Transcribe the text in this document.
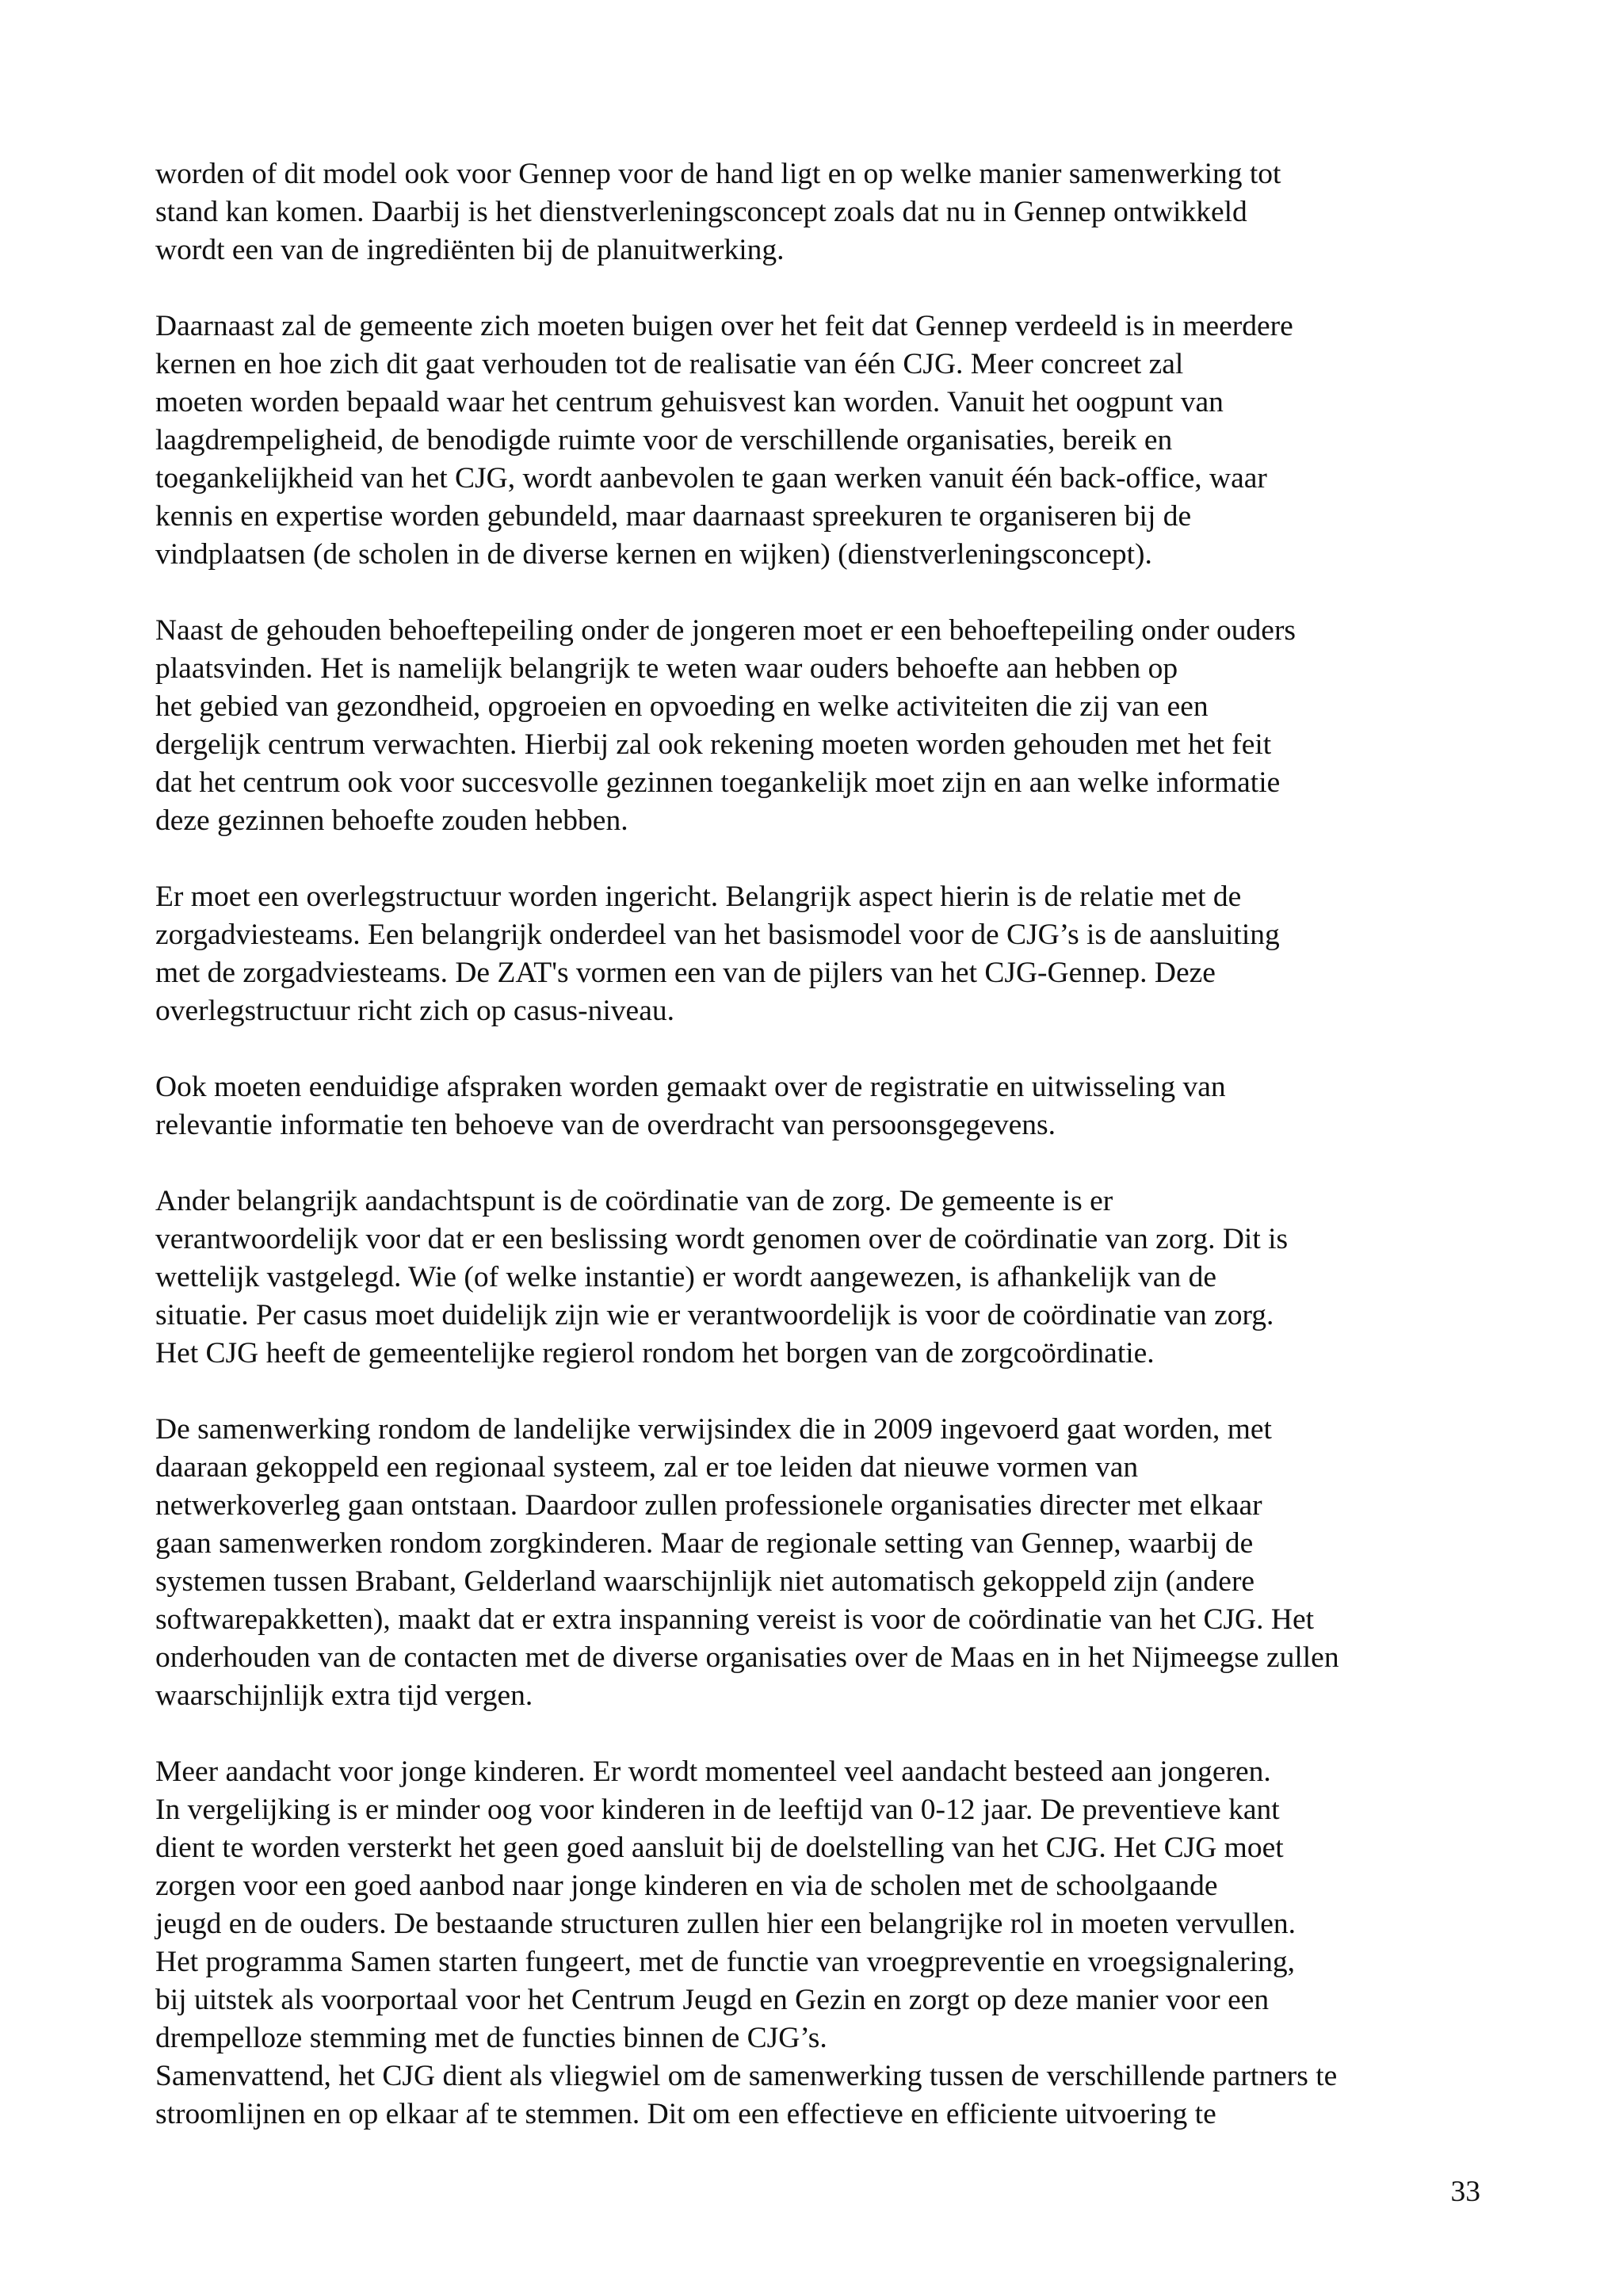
worden of dit model ook voor Gennep voor de hand ligt en op welke manier samenwerking tot
stand kan komen. Daarbij is het dienstverleningsconcept zoals dat nu in Gennep ontwikkeld
wordt een van de ingrediënten bij de planuitwerking.
Daarnaast zal de gemeente zich moeten buigen over het feit dat Gennep verdeeld is in meerdere
kernen en hoe zich dit gaat verhouden tot de realisatie van één CJG. Meer concreet zal
moeten worden bepaald waar het centrum gehuisvest kan worden. Vanuit het oogpunt van
laagdrempeligheid, de benodigde ruimte voor de verschillende organisaties, bereik en
toegankelijkheid van het CJG, wordt aanbevolen te gaan werken vanuit één back-office, waar
kennis en expertise worden gebundeld, maar daarnaast spreekuren te organiseren bij de
vindplaatsen (de scholen in de diverse kernen en wijken) (dienstverleningsconcept).
Naast de gehouden behoeftepeiling onder de jongeren moet er een behoeftepeiling onder ouders
plaatsvinden. Het is namelijk belangrijk te weten waar ouders behoefte aan hebben op
het gebied van gezondheid, opgroeien en opvoeding en welke activiteiten die zij van een
dergelijk centrum verwachten. Hierbij zal ook rekening moeten worden gehouden met het feit
dat het centrum ook voor succesvolle gezinnen toegankelijk moet zijn en aan welke informatie
deze gezinnen behoefte zouden hebben.
Er moet een overlegstructuur worden ingericht. Belangrijk aspect hierin is de relatie met de
zorgadviesteams. Een belangrijk onderdeel van het basismodel voor de CJG’s is de aansluiting
met de zorgadviesteams. De ZAT's vormen een van de pijlers van het CJG-Gennep. Deze
overlegstructuur richt zich op casus-niveau.
Ook moeten eenduidige afspraken worden gemaakt over de registratie en uitwisseling van
relevantie informatie ten behoeve van de overdracht van persoonsgegevens.
Ander belangrijk aandachtspunt is de coördinatie van de zorg. De gemeente is er
verantwoordelijk voor dat er een beslissing wordt genomen over de coördinatie van zorg. Dit is
wettelijk vastgelegd. Wie (of welke instantie) er wordt aangewezen, is afhankelijk van de
situatie. Per casus moet duidelijk zijn wie er verantwoordelijk is voor de coördinatie van zorg.
Het CJG heeft de gemeentelijke regierol rondom het borgen van de zorgcoördinatie.
De samenwerking rondom de landelijke verwijsindex die in 2009 ingevoerd gaat worden, met
daaraan gekoppeld een regionaal systeem, zal er toe leiden dat nieuwe vormen van
netwerkoverleg gaan ontstaan. Daardoor zullen professionele organisaties directer met elkaar
gaan samenwerken rondom zorgkinderen. Maar de regionale setting van Gennep, waarbij de
systemen tussen Brabant, Gelderland waarschijnlijk niet automatisch gekoppeld zijn (andere
softwarepakketten), maakt dat er extra inspanning vereist is voor de coördinatie van het CJG. Het
onderhouden van de contacten met de diverse organisaties over de Maas en in het Nijmeegse zullen
waarschijnlijk extra tijd vergen.
Meer aandacht voor jonge kinderen. Er wordt momenteel veel aandacht besteed aan jongeren.
In vergelijking is er minder oog voor kinderen in de leeftijd van 0-12 jaar. De preventieve kant
dient te worden versterkt het geen goed aansluit bij de doelstelling van het CJG. Het CJG moet
zorgen voor een goed aanbod naar jonge kinderen en via de scholen met de schoolgaande
jeugd en de ouders. De bestaande structuren zullen hier een belangrijke rol in moeten vervullen.
Het programma Samen starten fungeert, met de functie van vroegpreventie en vroegsignalering,
bij uitstek als voorportaal voor het Centrum Jeugd en Gezin en zorgt op deze manier voor een
drempelloze stemming met de functies binnen de CJG’s.
Samenvattend, het CJG dient als vliegwiel om de samenwerking tussen de verschillende partners te
stroomlijnen en op elkaar af te stemmen. Dit om een effectieve en efficiente uitvoering te
33
